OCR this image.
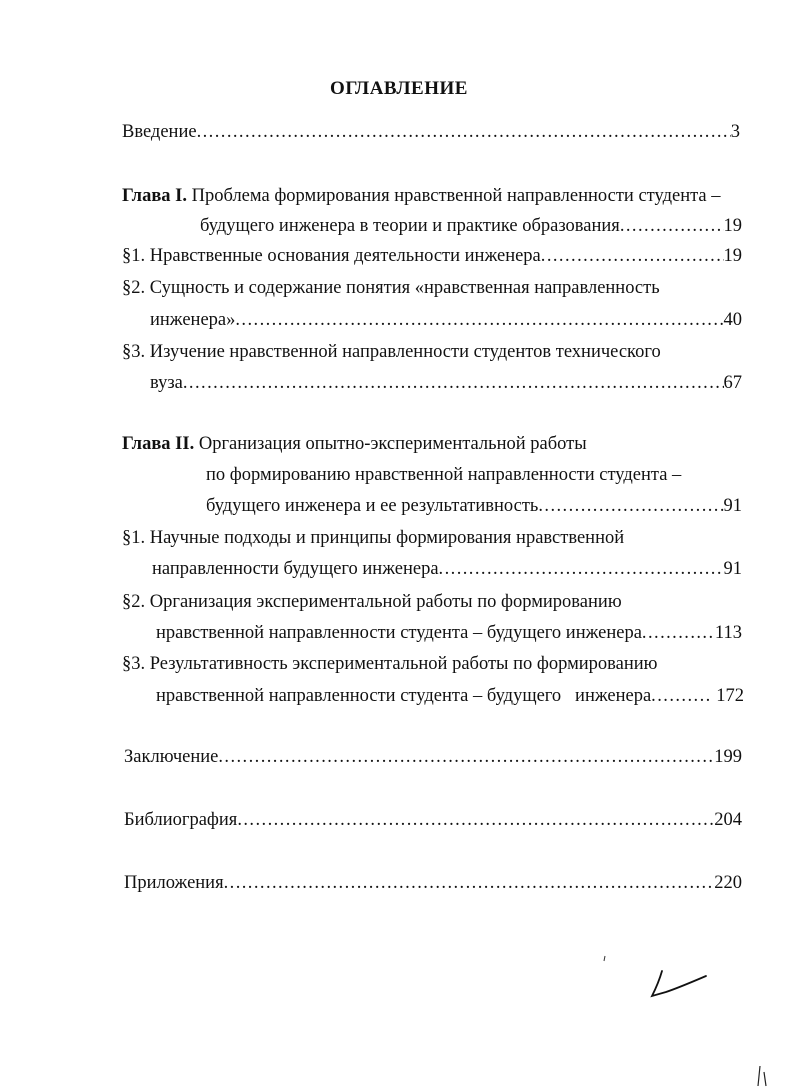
ОГЛАВЛЕНИЕ
Введение . . .	3
Глава I. Проблема формирования нравственной направленности студента –
будущего инженера в теории и практике образования . . .	19
§1. Нравственные основания деятельности инженера . . .	19
§2. Сущность и содержание понятия «нравственная направленность
инженера» . . .	40
§3. Изучение нравственной направленности студентов технического
вуза . . .	67
Глава II. Организация опытно-экспериментальной работы
по формированию нравственной направленности студента –
будущего инженера и ее результативность . . .	91
§1. Научные подходы и принципы формирования нравственной
направленности будущего инженера . . .	91
§2. Организация экспериментальной работы по формированию
нравственной направленности студента – будущего инженера . . .	113
§3. Результативность экспериментальной работы по формированию
нравственной направленности студента – будущего   инженера . . .	172
Заключение . . .	199
Библиография . . .	204
Приложения . . .	220
